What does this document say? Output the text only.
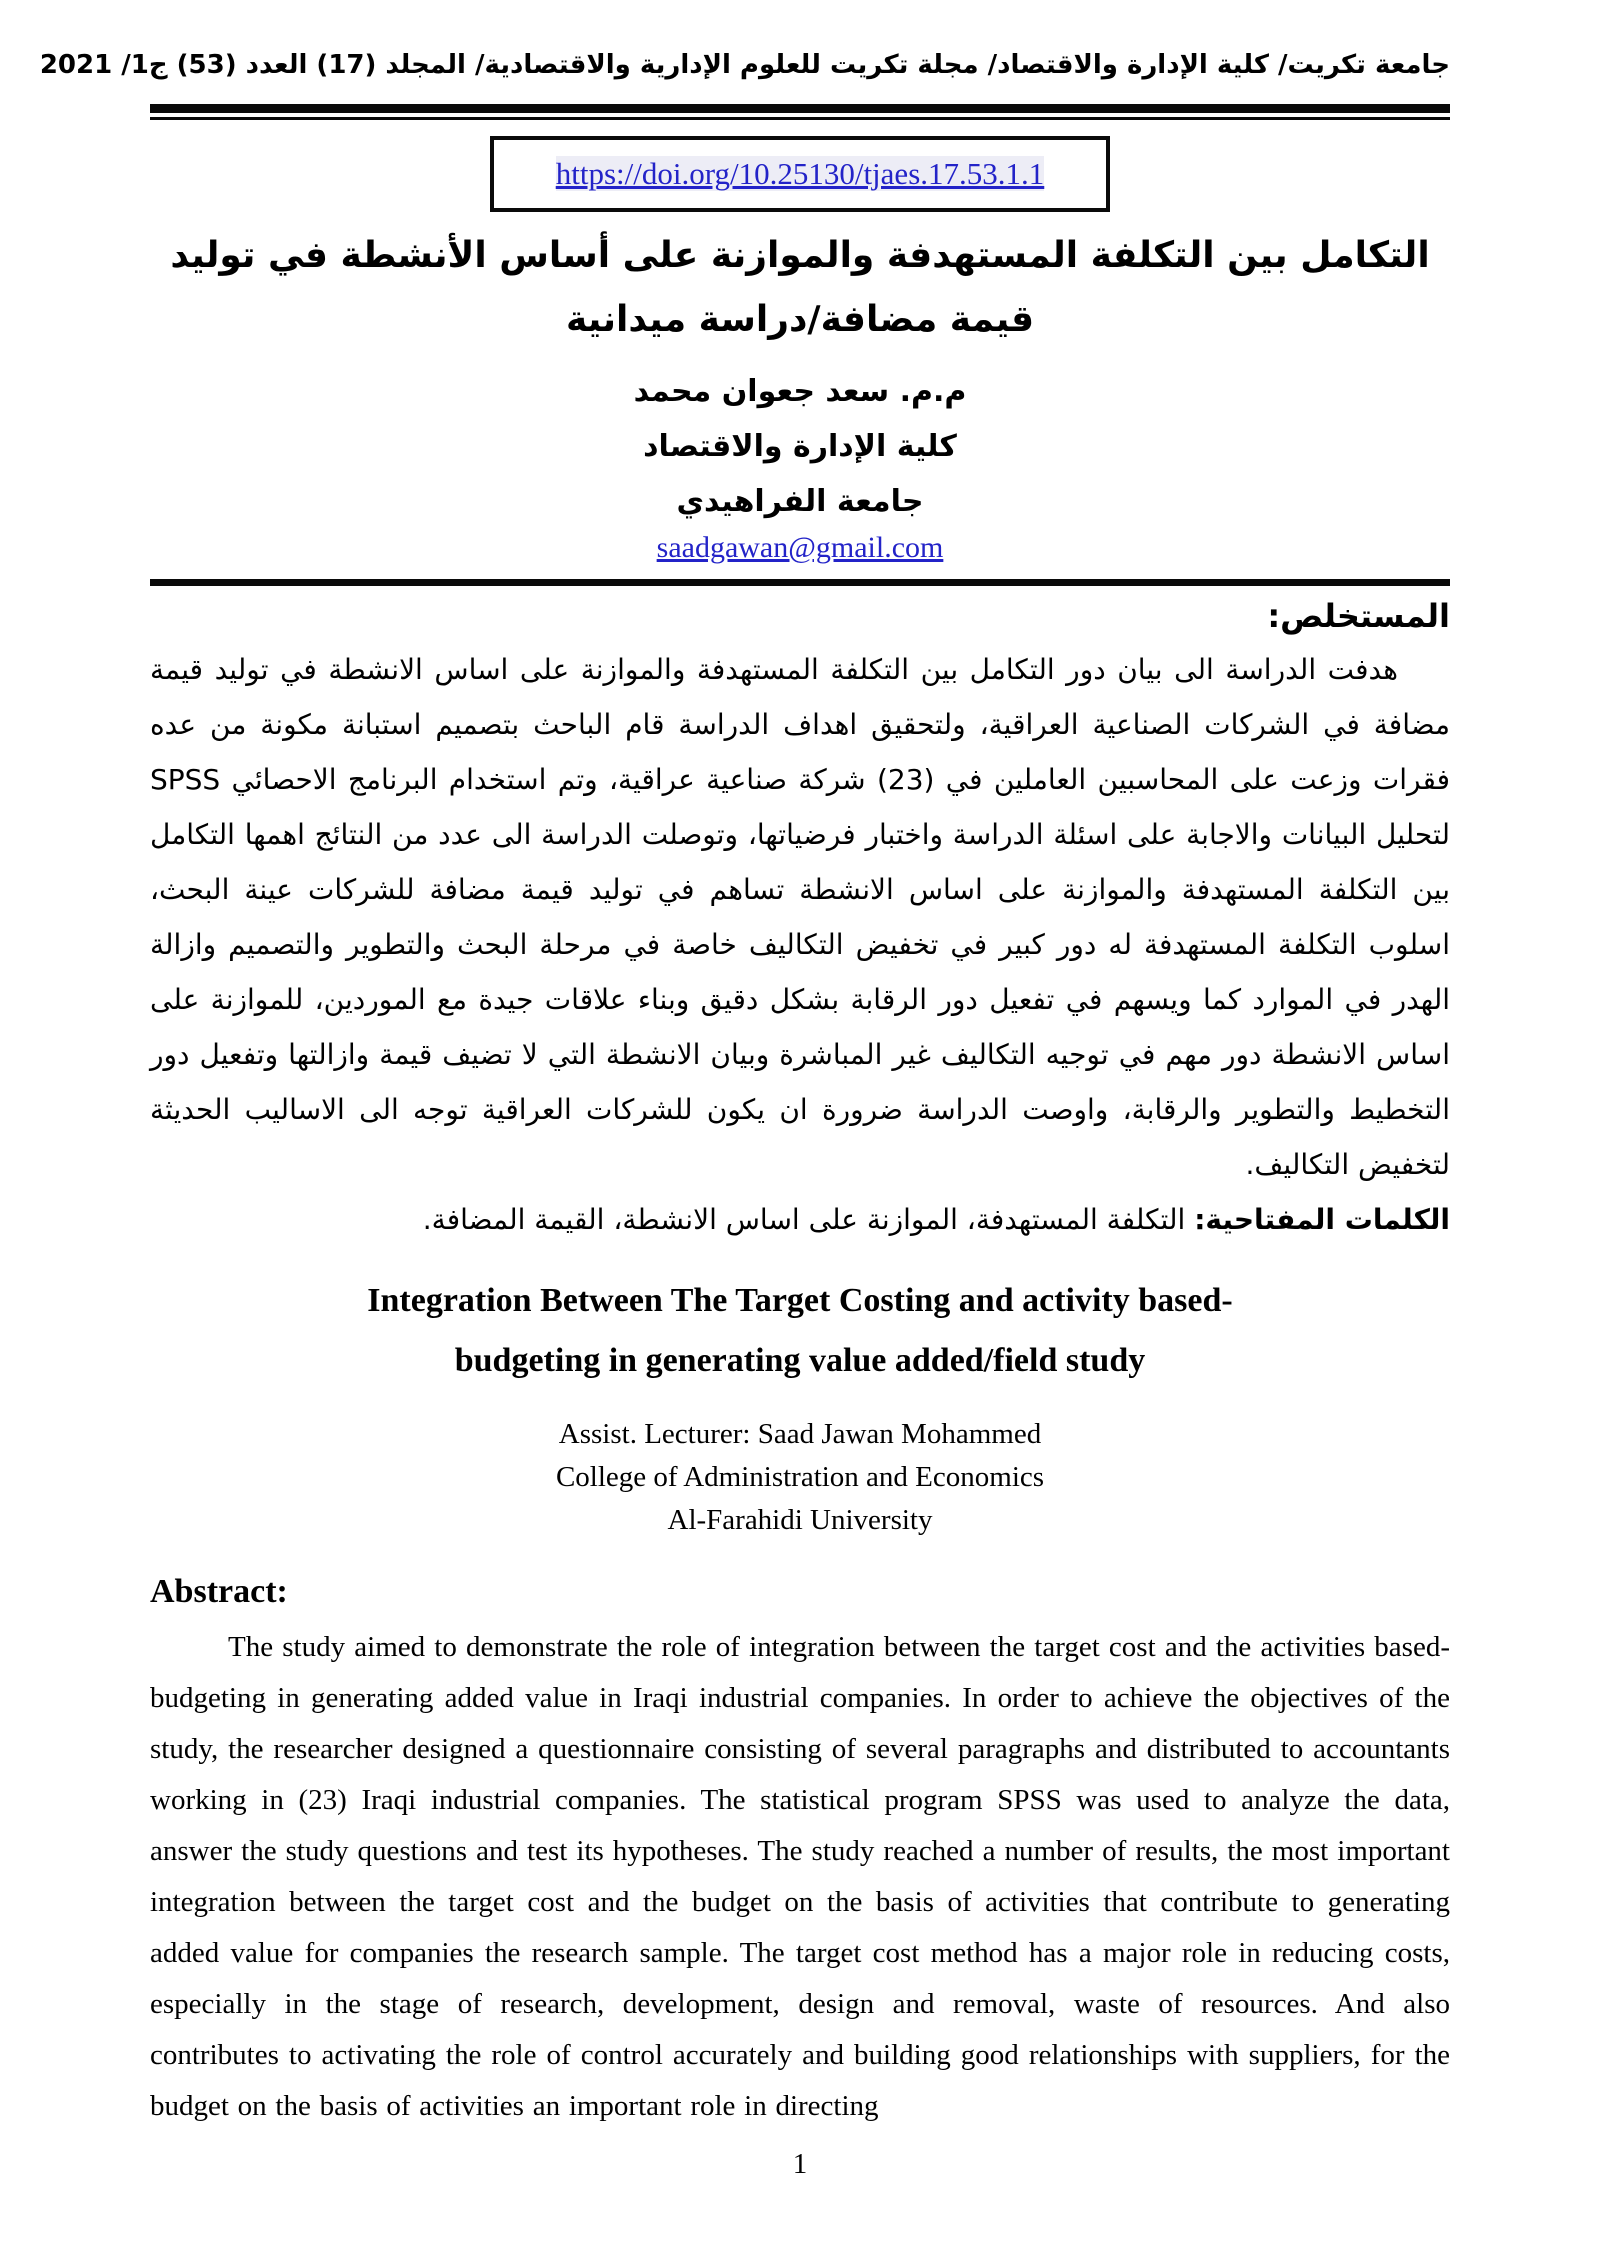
جامعة تكريت/ كلية الإدارة والاقتصاد/ مجلة تكريت للعلوم الإدارية والاقتصادية/ المجلد (17) العدد (53) ج1/ 2021
https://doi.org/10.25130/tjaes.17.53.1.1
التكامل بين التكلفة المستهدفة والموازنة على أساس الأنشطة في توليد
قيمة مضافة/دراسة ميدانية
م.م. سعد جعوان محمد
كلية الإدارة والاقتصاد
جامعة الفراهيدي
saadgawan@gmail.com
المستخلص:

هدفت الدراسة الى بيان دور التكامل بين التكلفة المستهدفة والموازنة على اساس الانشطة في توليد قيمة مضافة في الشركات الصناعية العراقية، ولتحقيق اهداف الدراسة قام الباحث بتصميم استبانة مكونة من عده فقرات وزعت على المحاسبين العاملين في (23) شركة صناعية عراقية، وتم استخدام البرنامج الاحصائي SPSS لتحليل البيانات والاجابة على اسئلة الدراسة واختبار فرضياتها، وتوصلت الدراسة الى عدد من النتائج اهمها التكامل بين التكلفة المستهدفة والموازنة على اساس الانشطة تساهم في توليد قيمة مضافة للشركات عينة البحث، اسلوب التكلفة المستهدفة له دور كبير في تخفيض التكاليف خاصة في مرحلة البحث والتطوير والتصميم وازالة الهدر في الموارد كما ويسهم في تفعيل دور الرقابة بشكل دقيق وبناء علاقات جيدة مع الموردين، للموازنة على اساس الانشطة دور مهم في توجيه التكاليف غير المباشرة وبيان الانشطة التي لا تضيف قيمة وازالتها وتفعيل دور التخطيط والتطوير والرقابة، واوصت الدراسة ضرورة ان يكون للشركات العراقية توجه الى الاساليب الحديثة لتخفيض التكاليف.

الكلمات المفتاحية: التكلفة المستهدفة، الموازنة على اساس الانشطة، القيمة المضافة.

Integration Between The Target Costing and activity based-
budgeting in generating value added/field study
Assist. Lecturer: Saad Jawan Mohammed
College of Administration and Economics
Al-Farahidi University
Abstract:

The study aimed to demonstrate the role of integration between the target cost and the activities based- budgeting in generating added value in Iraqi industrial companies. In order to achieve the objectives of the study, the researcher designed a questionnaire consisting of several paragraphs and distributed to accountants working in (23) Iraqi industrial companies. The statistical program SPSS was used to analyze the data, answer the study questions and test its hypotheses. The study reached a number of results, the most important integration between the target cost and the budget on the basis of activities that contribute to generating added value for companies the research sample. The target cost method has a major role in reducing costs, especially in the stage of research, development, design and removal, waste of resources. And also contributes to activating the role of control accurately and building good relationships with suppliers, for the budget on the basis of activities an important role in directing

1
